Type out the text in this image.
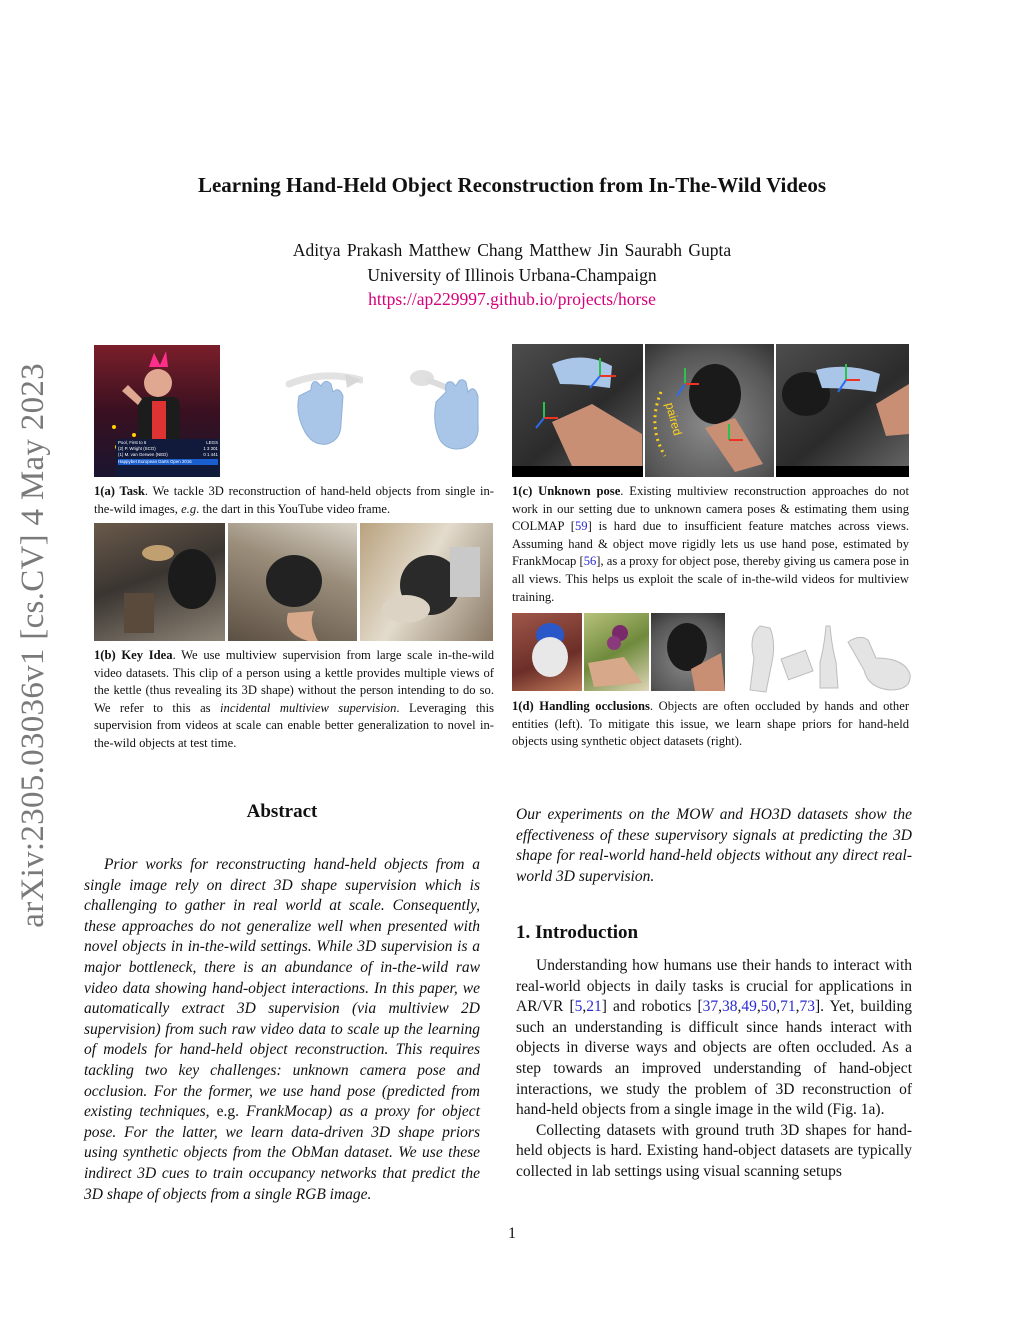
arXiv:2305.03036v1 [cs.CV] 4 May 2023
Learning Hand-Held Object Reconstruction from In-The-Wild Videos
Aditya Prakash Matthew Chang Matthew Jin Saurabh Gupta
University of Illinois Urbana-Champaign
https://ap229997.github.io/projects/horse
Pool, First to 6	LEGS
(2) P. Wright (SCO)	1 3 301
(1) M. van Gerwen (NED)	0 1 441
Happybet European Darts Open 2016
1(a) Task. We tackle 3D reconstruction of hand-held objects from single in-the-wild images, e.g. the dart in this YouTube video frame.
1(b) Key Idea. We use multiview supervision from large scale in-the-wild video datasets. This clip of a person using a kettle provides multiple views of the kettle (thus revealing its 3D shape) without the person intending to do so. We refer to this as incidental multiview supervision. Leveraging this supervision from videos at scale can enable better generalization to novel in-the-wild objects at test time.
paired
1(c) Unknown pose. Existing multiview reconstruction approaches do not work in our setting due to unknown camera poses & estimating them using COLMAP [59] is hard due to insufficient feature matches across views. Assuming hand & object move rigidly lets us use hand pose, estimated by FrankMocap [56], as a proxy for object pose, thereby giving us camera pose in all views. This helps us exploit the scale of in-the-wild videos for multiview training.
1(d) Handling occlusions. Objects are often occluded by hands and other entities (left). To mitigate this issue, we learn shape priors for hand-held objects using synthetic object datasets (right).
Abstract

Prior works for reconstructing hand-held objects from a single image rely on direct 3D shape supervision which is challenging to gather in real world at scale. Consequently, these approaches do not generalize well when presented with novel objects in in-the-wild settings. While 3D supervision is a major bottleneck, there is an abundance of in-the-wild raw video data showing hand-object interactions. In this paper, we automatically extract 3D supervision (via multiview 2D supervision) from such raw video data to scale up the learning of models for hand-held object reconstruction. This requires tackling two key challenges: unknown camera pose and occlusion. For the former, we use hand pose (predicted from existing techniques, e.g. FrankMocap) as a proxy for object pose. For the latter, we learn data-driven 3D shape priors using synthetic objects from the ObMan dataset. We use these indirect 3D cues to train occupancy networks that predict the 3D shape of objects from a single RGB image.

Our experiments on the MOW and HO3D datasets show the effectiveness of these supervisory signals at predicting the 3D shape for real-world hand-held objects without any direct real-world 3D supervision.

1. Introduction

Understanding how humans use their hands to interact with real-world objects in daily tasks is crucial for applications in AR/VR [5,21] and robotics [37,38,49,50,71,73]. Yet, building such an understanding is difficult since hands interact with objects in diverse ways and objects are often occluded. As a step towards an improved understanding of hand-object interactions, we study the problem of 3D reconstruction of hand-held objects from a single image in the wild (Fig. 1a).

Collecting datasets with ground truth 3D shapes for hand-held objects is hard. Existing hand-object datasets are typically collected in lab settings using visual scanning setups

1
